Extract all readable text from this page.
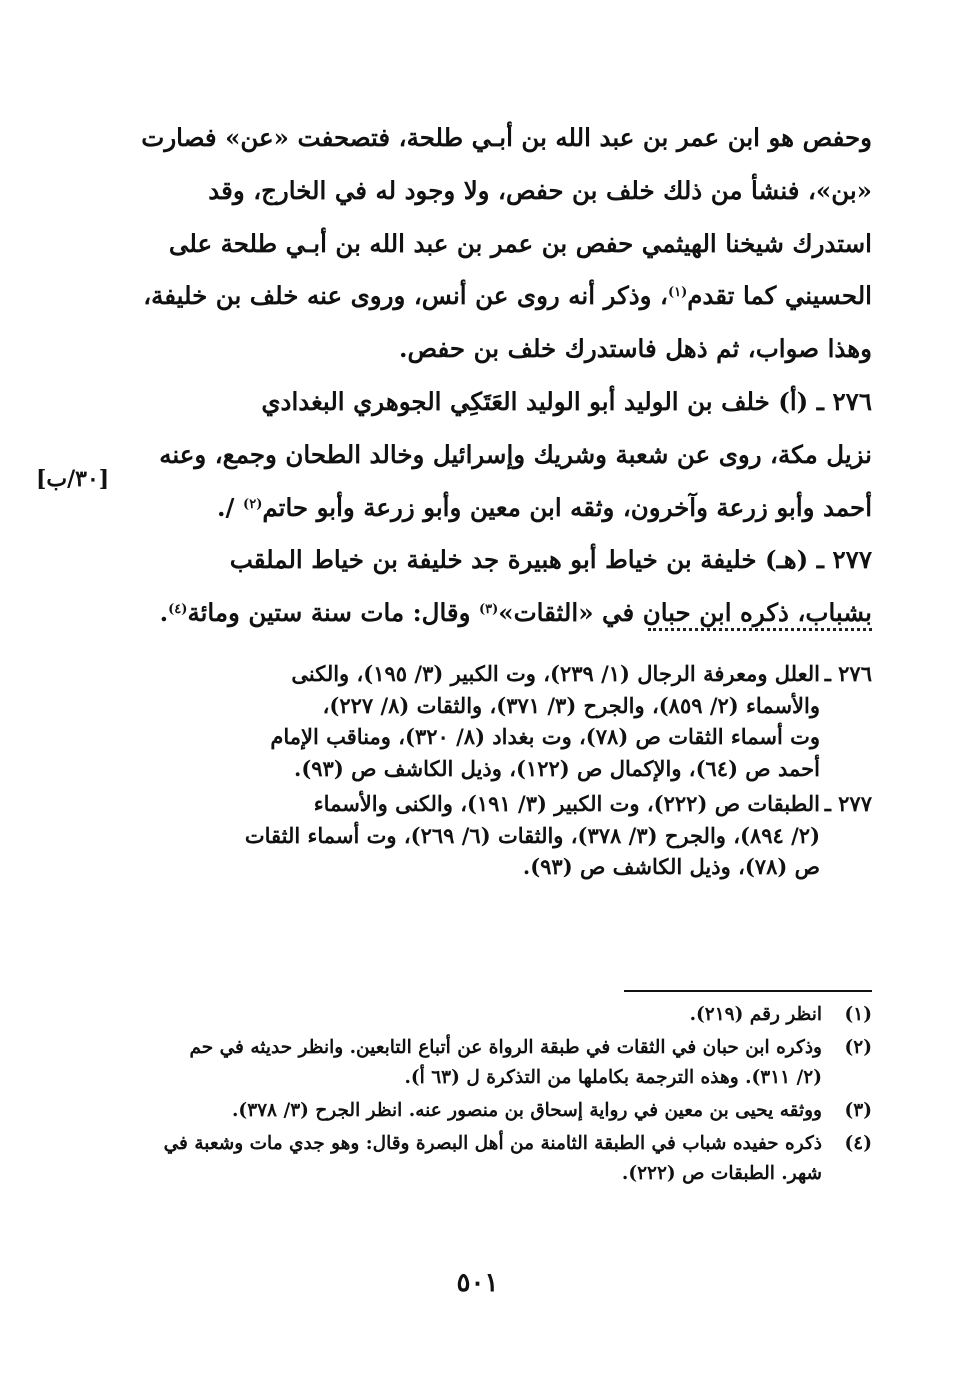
وحفص هو ابن عمر بن عبد الله بن أبـي طلحة، فتصحفت «عن» فصارت

«بن»، فنشأ من ذلك خلف بن حفص، ولا وجود له في الخارج، وقد

استدرك شيخنا الهيثمي حفص بن عمر بن عبد الله بن أبـي طلحة على

الحسيني كما تقدم$^{(١)}$، وذكر أنه روى عن أنس، وروى عنه خلف بن خليفة،

وهذا صواب، ثم ذهل فاستدرك خلف بن حفص.

٢٧٦ ـ (أ) خلف بن الوليد أبو الوليد العَتَكِي الجوهري البغدادي

نزيل مكة، روى عن شعبة وشريك وإسرائيل وخالد الطحان وجمع، وعنه

أحمد وأبو زرعة وآخرون، وثقه ابن معين وأبو زرعة وأبو حاتم$^{(٢)}$ /.

٢٧٧ ـ (هـ) خليفة بن خياط أبو هبيرة جد خليفة بن خياط الملقب

بشباب، ذكره ابن حبان في «الثقات»$^{(٣)}$ وقال: مات سنة ستين ومائة$^{(٤)}$.

[٣٠/ب]
٢٧٦ ـ
العلل ومعرفة الرجال (١/ ٢٣٩)، وت الكبير (٣/ ١٩٥)، والكنى
والأسماء (٢/ ٨٥٩)، والجرح (٣/ ٣٧١)، والثقات (٨/ ٢٢٧)،
وت أسماء الثقات ص (٧٨)، وت بغداد (٨/ ٣٢٠)، ومناقب الإمام
أحمد ص (٦٤)، والإكمال ص (١٢٢)، وذيل الكاشف ص (٩٣).
٢٧٧ ـ
الطبقات ص (٢٢٢)، وت الكبير (٣/ ١٩١)، والكنى والأسماء
(٢/ ٨٩٤)، والجرح (٣/ ٣٧٨)، والثقات (٦/ ٢٦٩)، وت أسماء الثقات
ص (٧٨)، وذيل الكاشف ص (٩٣).
(١)
انظر رقم (٢١٩).
(٢)
وذكره ابن حبان في الثقات في طبقة الرواة عن أتباع التابعين. وانظر حديثه في حم
(٢/ ٣١١). وهذه الترجمة بكاملها من التذكرة ل (٦٣ أ).
(٣)
ووثقه يحيى بن معين في رواية إسحاق بن منصور عنه. انظر الجرح (٣/ ٣٧٨).
(٤)
ذكره حفيده شباب في الطبقة الثامنة من أهل البصرة وقال: وهو جدي مات وشعبة في
شهر. الطبقات ص (٢٢٢).
٥٠١
